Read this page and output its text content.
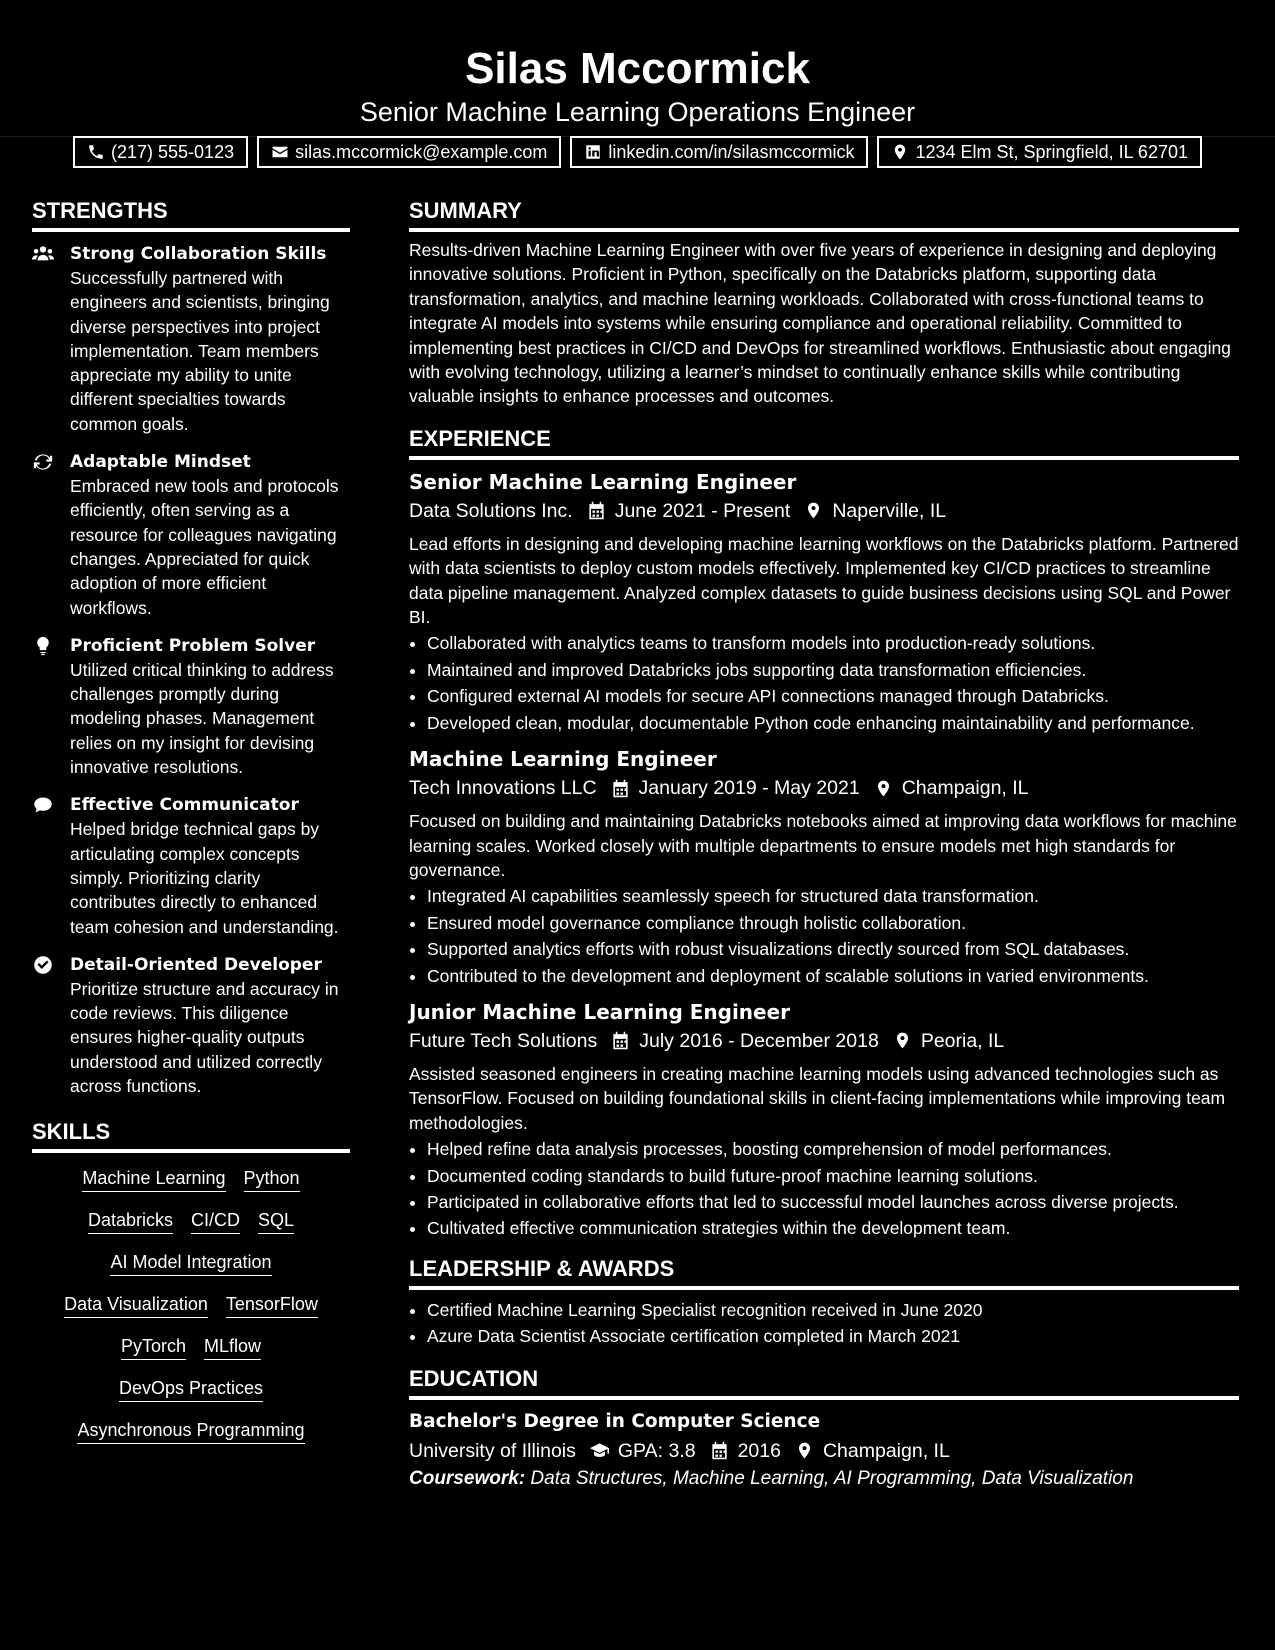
Silas Mccormick
Senior Machine Learning Operations Engineer
(217) 555-0123	silas.mccormick@example.com	linkedin.com/in/silasmccormick	1234 Elm St, Springfield, IL 62701
STRENGTHS
Strong Collaboration Skills
Successfully partnered with engineers and scientists, bringing diverse perspectives into project implementation. Team members appreciate my ability to unite different specialties towards common goals.
Adaptable Mindset
Embraced new tools and protocols efficiently, often serving as a resource for colleagues navigating changes. Appreciated for quick adoption of more efficient workflows.
Proficient Problem Solver
Utilized critical thinking to address challenges promptly during modeling phases. Management relies on my insight for devising innovative resolutions.
Effective Communicator
Helped bridge technical gaps by articulating complex concepts simply. Prioritizing clarity contributes directly to enhanced team cohesion and understanding.
Detail-Oriented Developer
Prioritize structure and accuracy in code reviews. This diligence ensures higher-quality outputs understood and utilized correctly across functions.
SKILLS
Machine Learning Python
Databricks CI/CD SQL
AI Model Integration
Data Visualization TensorFlow
PyTorch MLflow
DevOps Practices
Asynchronous Programming
SUMMARY
Results-driven Machine Learning Engineer with over five years of experience in designing and deploying innovative solutions. Proficient in Python, specifically on the Databricks platform, supporting data transformation, analytics, and machine learning workloads. Collaborated with cross-functional teams to integrate AI models into systems while ensuring compliance and operational reliability. Committed to implementing best practices in CI/CD and DevOps for streamlined workflows. Enthusiastic about engaging with evolving technology, utilizing a learner’s mindset to continually enhance skills while contributing valuable insights to enhance processes and outcomes.
EXPERIENCE
Senior Machine Learning Engineer
Data Solutions Inc. June 2021 - Present Naperville, IL
Lead efforts in designing and developing machine learning workflows on the Databricks platform. Partnered with data scientists to deploy custom models effectively. Implemented key CI/CD practices to streamline data pipeline management. Analyzed complex datasets to guide business decisions using SQL and Power BI.
• Collaborated with analytics teams to transform models into production-ready solutions.
• Maintained and improved Databricks jobs supporting data transformation efficiencies.
• Configured external AI models for secure API connections managed through Databricks.
• Developed clean, modular, documentable Python code enhancing maintainability and performance.
Machine Learning Engineer
Tech Innovations LLC January 2019 - May 2021 Champaign, IL
Focused on building and maintaining Databricks notebooks aimed at improving data workflows for machine learning scales. Worked closely with multiple departments to ensure models met high standards for governance.
• Integrated AI capabilities seamlessly speech for structured data transformation.
• Ensured model governance compliance through holistic collaboration.
• Supported analytics efforts with robust visualizations directly sourced from SQL databases.
• Contributed to the development and deployment of scalable solutions in varied environments.
Junior Machine Learning Engineer
Future Tech Solutions July 2016 - December 2018 Peoria, IL
Assisted seasoned engineers in creating machine learning models using advanced technologies such as TensorFlow. Focused on building foundational skills in client-facing implementations while improving team methodologies.
• Helped refine data analysis processes, boosting comprehension of model performances.
• Documented coding standards to build future-proof machine learning solutions.
• Participated in collaborative efforts that led to successful model launches across diverse projects.
• Cultivated effective communication strategies within the development team.
LEADERSHIP & AWARDS
• Certified Machine Learning Specialist recognition received in June 2020
• Azure Data Scientist Associate certification completed in March 2021
EDUCATION
Bachelor's Degree in Computer Science
University of Illinois GPA: 3.8 2016 Champaign, IL
Coursework: Data Structures, Machine Learning, AI Programming, Data Visualization
